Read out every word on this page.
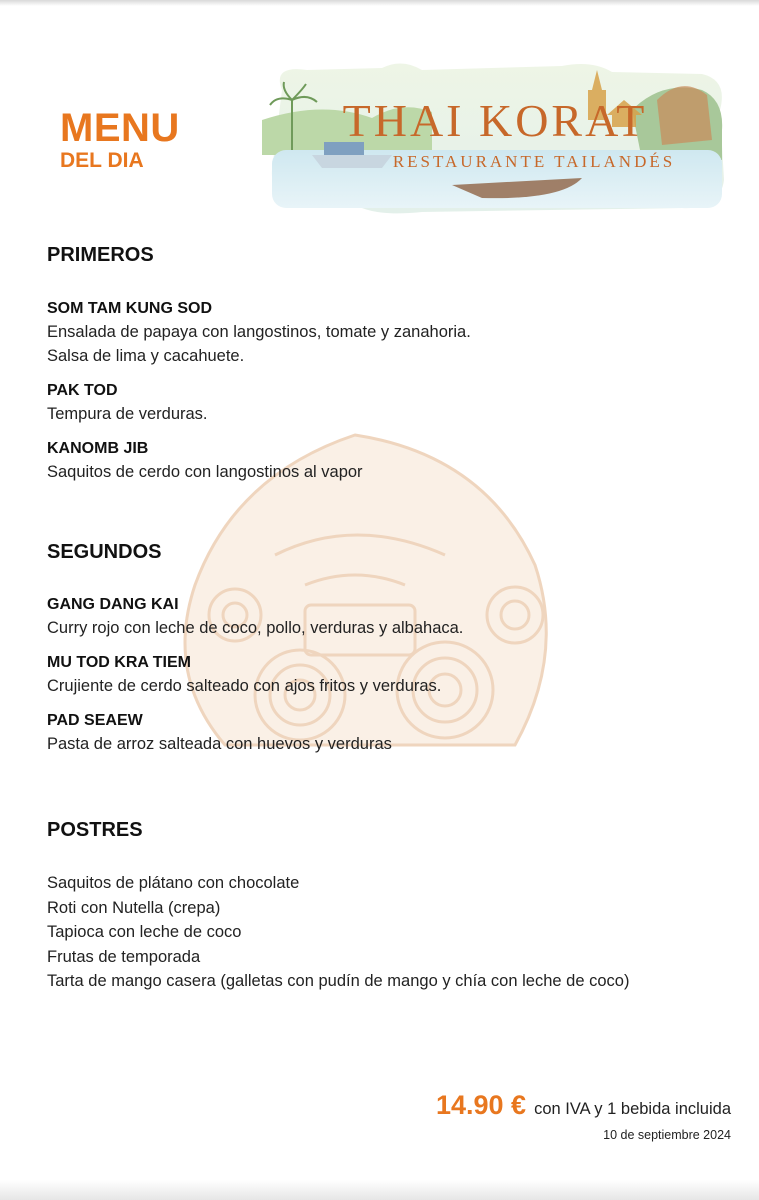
MENU
DEL DIA
THAI KORAT
RESTAURANTE TAILANDÉS
PRIMEROS
SOM TAM KUNG SOD
Ensalada de papaya con langostinos, tomate y zanahoria.
Salsa de lima y cacahuete.
PAK TOD
Tempura de verduras.
KANOMB JIB
Saquitos de cerdo con langostinos al vapor
SEGUNDOS
GANG DANG KAI
Curry rojo con leche de coco, pollo, verduras y albahaca.
MU TOD KRA TIEM
Crujiente de cerdo salteado con ajos fritos y verduras.
PAD SEAEW
Pasta de arroz salteada con huevos y verduras
POSTRES
Saquitos de plátano con chocolate
Roti con Nutella (crepa)
Tapioca con leche de coco
Frutas de temporada
Tarta de mango casera (galletas con pudín de mango y chía con leche de coco)
14.90 € con IVA y 1 bebida incluida
10 de septiembre 2024
